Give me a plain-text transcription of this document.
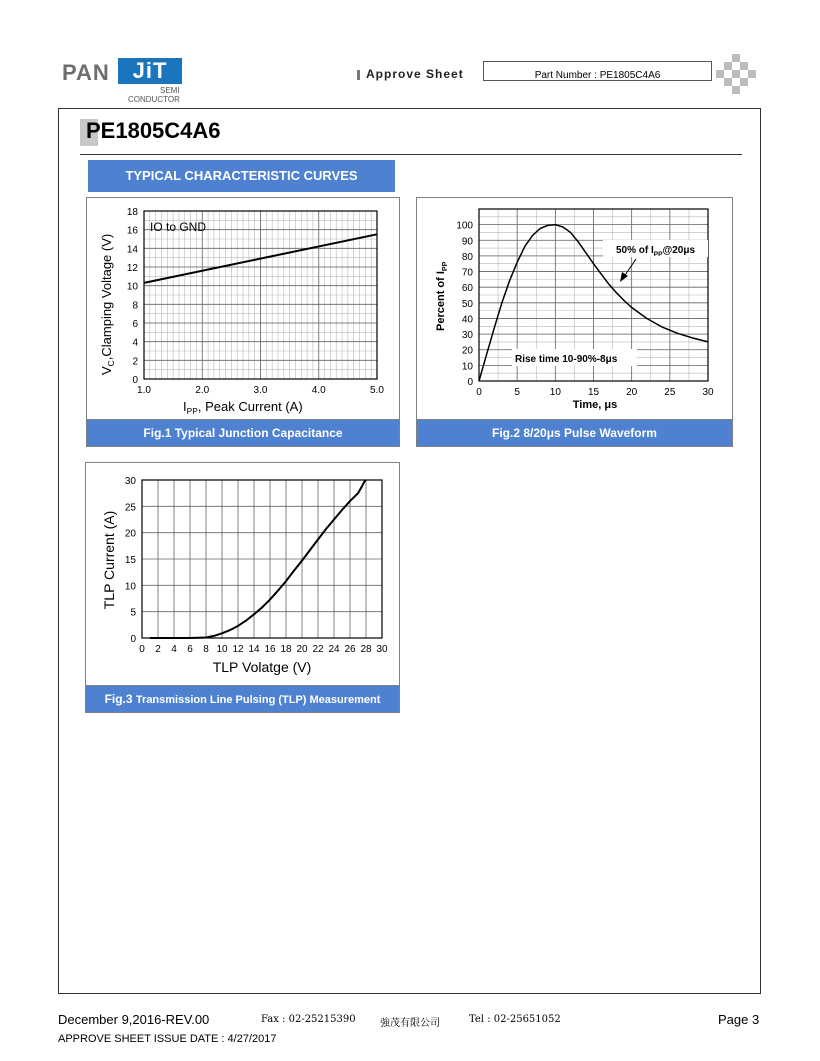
PAN	JiT
SEMI
CONDUCTOR
Approve Sheet	Part Number : PE1805C4A6
PE1805C4A6
TYPICAL CHARACTERISTIC CURVES
1.0	2.0	3.0	4.0	5.0
0
2
4
6
8
10
12
14
16
18
IO to GND
$I_{PP}$, Peak Current (A)
$V_C,Clamping$ Voltage (V)
Fig.1 Typical Junction Capacitance
0	5	10	15	20	25	30
0
10
20
30
40
50
60
70
80
90
100
50% of $I_{PP}@20\mu s$
Rise time 10-90%-8μs
Time, μs
Percent of $I_{PP}$
Fig.2 8/20μs Pulse Waveform
0 2 4 6 8 10 12 14 16 18 20 22 24 26 28 30
0
5
10
15
20
25
30
TLP Volatge (V)
TLP Current (A)
Fig.3 Transmission Line Pulsing (TLP) Measurement
December 9,2016-REV.00	Fax : 02-25215390 強茂有限公司	Tel : 02-25651052	Page 3
APPROVE SHEET ISSUE DATE : 4/27/2017
